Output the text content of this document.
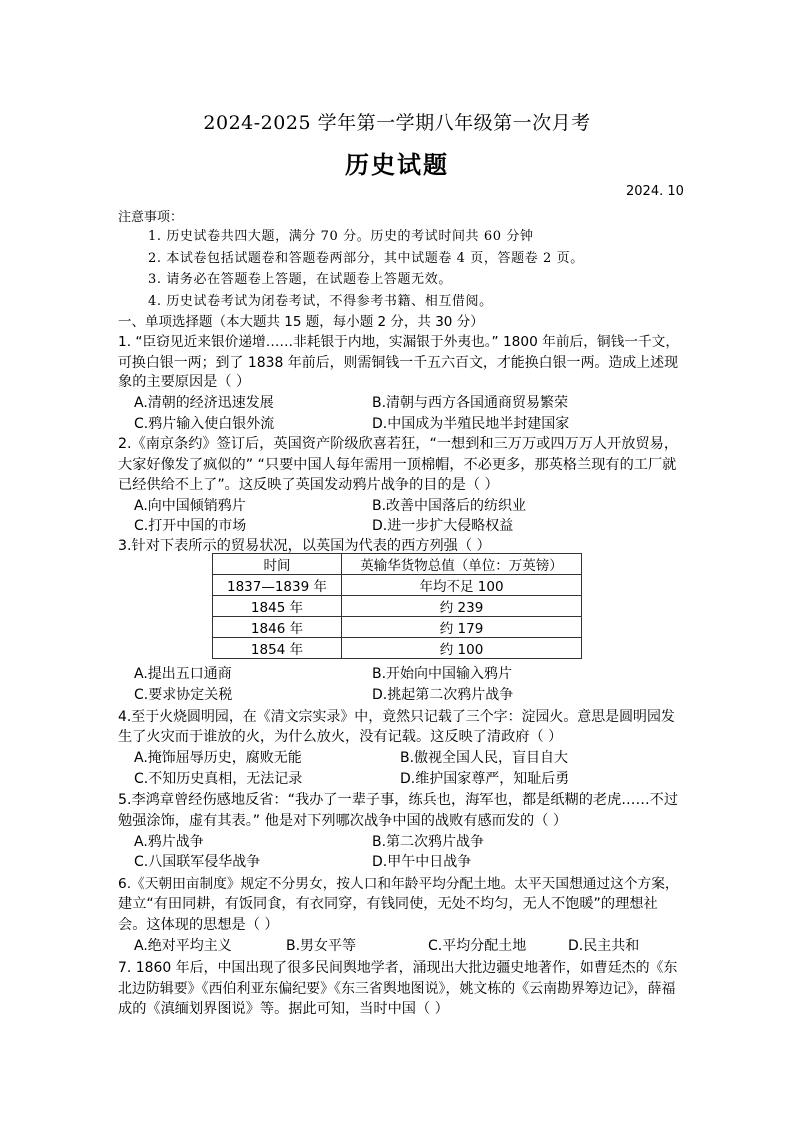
2024-2025 学年第一学期八年级第一次月考
历史试题
2024. 10
注意事项：
1. 历史试卷共四大题，满分 70 分。历史的考试时间共 60 分钟
2. 本试卷包括试题卷和答题卷两部分，其中试题卷 4 页，答题卷 2 页。
3. 请务必在答题卷上答题，在试题卷上答题无效。
4. 历史试卷考试为闭卷考试，不得参考书籍、相互借阅。
一、单项选择题（本大题共 15 题，每小题 2 分，共 30 分）
1. “臣窃见近来银价递增……非耗银于内地，实漏银于外夷也。” 1800 年前后，铜钱一千文，
可换白银一两；到了 1838 年前后，则需铜钱一千五六百文，才能换白银一两。造成上述现
象的主要原因是（ ）
A.清朝的经济迅速发展	B.清朝与西方各国通商贸易繁荣
C.鸦片输入使白银外流	D.中国成为半殖民地半封建国家
2.《南京条约》签订后，英国资产阶级欣喜若狂，“一想到和三万万或四万万人开放贸易，
大家好像发了疯似的” “只要中国人每年需用一顶棉帽，不必更多，那英格兰现有的工厂就
已经供给不上了”。这反映了英国发动鸦片战争的目的是（ ）
A.向中国倾销鸦片	B.改善中国落后的纺织业
C.打开中国的市场	D.进一步扩大侵略权益
3.针对下表所示的贸易状况，以英国为代表的西方列强（ ）
时间	英输华货物总值（单位：万英镑）
1837—1839 年	年均不足 100
1845 年	约 239
1846 年	约 179
1854 年	约 100
A.提出五口通商	B.开始向中国输入鸦片
C.要求协定关税	D.挑起第二次鸦片战争
4.至于火烧圆明园，在《清文宗实录》中，竟然只记载了三个字：淀园火。意思是圆明园发
生了火灾而于谁放的火，为什么放火，没有记载。这反映了清政府（ ）
A.掩饰屈辱历史，腐败无能	B.傲视全国人民，盲目自大
C.不知历史真相，无法记录	D.维护国家尊严，知耻后勇
5.李鸿章曾经伤感地反省：“我办了一辈子事，练兵也，海军也，都是纸糊的老虎……不过
勉强涂饰，虚有其表。” 他是对下列哪次战争中国的战败有感而发的（ ）
A.鸦片战争	B.第二次鸦片战争
C.八国联军侵华战争	D.甲午中日战争
6.《天朝田亩制度》规定不分男女，按人口和年龄平均分配土地。太平天国想通过这个方案，
建立“有田同耕，有饭同食，有衣同穿，有钱同使，无处不均匀，无人不饱暖”的理想社
会。这体现的思想是（ ）
A.绝对平均主义	B.男女平等	C.平均分配土地	D.民主共和
7. 1860 年后，中国出现了很多民间舆地学者，涌现出大批边疆史地著作，如曹廷杰的《东
北边防辑要》《西伯利亚东偏纪要》《东三省舆地图说》，姚文栋的《云南勘界筹边记》，薛福
成的《滇缅划界图说》等。据此可知，当时中国（ ）
